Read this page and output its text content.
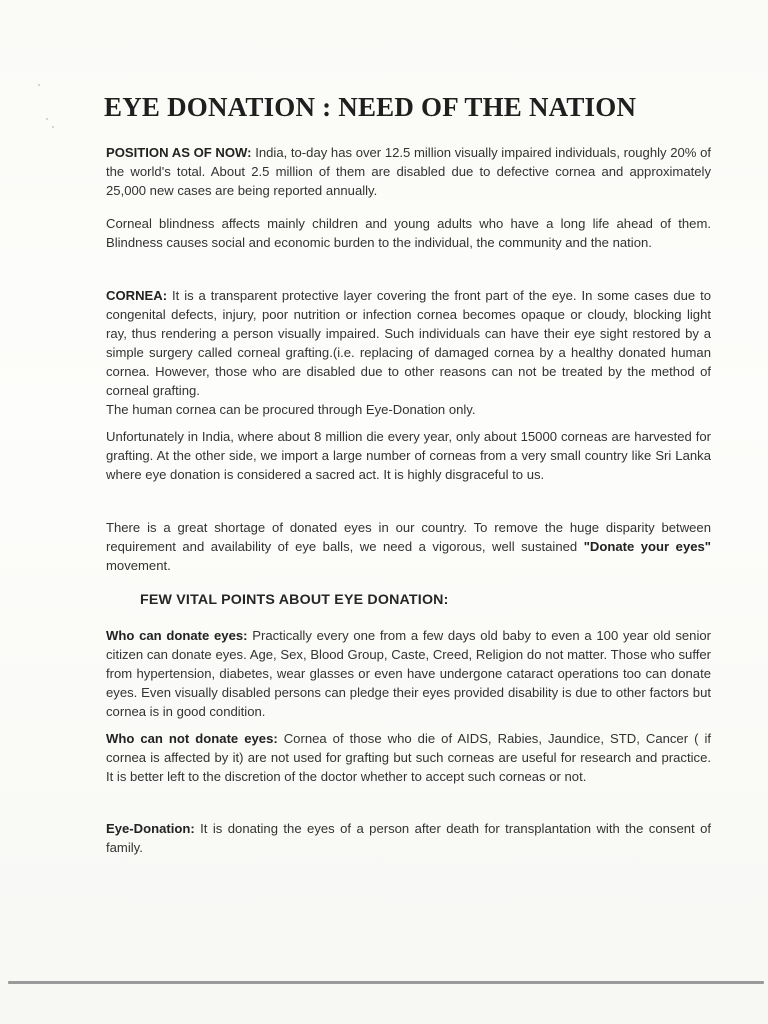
EYE DONATION : NEED OF THE NATION

POSITION AS OF NOW: India, to-day has over 12.5 million visually impaired individuals, roughly 20% of the world's total. About 2.5 million of them are disabled due to defective cornea and approximately 25,000 new cases are being reported annually.

Corneal blindness affects mainly children and young adults who have a long life ahead of them. Blindness causes social and economic burden to the individual, the community and the nation.

CORNEA: It is a transparent protective layer covering the front part of the eye. In some cases due to congenital defects, injury, poor nutrition or infection cornea becomes opaque or cloudy, blocking light ray, thus rendering a person visually impaired. Such individuals can have their eye sight restored by a simple surgery called corneal grafting.(i.e. replacing of damaged cornea by a healthy donated human cornea. However, those who are disabled due to other reasons can not be treated by the method of corneal grafting.
The human cornea can be procured through Eye-Donation only.

Unfortunately in India, where about 8 million die every year, only about 15000 corneas are harvested for grafting. At the other side, we import a large number of corneas from a very small country like Sri Lanka where eye donation is considered a sacred act. It is highly disgraceful to us.

There is a great shortage of donated eyes in our country. To remove the huge disparity between requirement and availability of eye balls, we need a vigorous, well sustained "Donate your eyes" movement.

FEW VITAL POINTS ABOUT EYE DONATION:

Who can donate eyes: Practically every one from a few days old baby to even a 100 year old senior citizen can donate eyes. Age, Sex, Blood Group, Caste, Creed, Religion do not matter. Those who suffer from hypertension, diabetes, wear glasses or even have undergone cataract operations too can donate eyes. Even visually disabled persons can pledge their eyes provided disability is due to other factors but cornea is in good condition.

Who can not donate eyes: Cornea of those who die of AIDS, Rabies, Jaundice, STD, Cancer ( if cornea is affected by it) are not used for grafting but such corneas are useful for research and practice. It is better left to the discretion of the doctor whether to accept such corneas or not.

Eye-Donation: It is donating the eyes of a person after death for transplantation with the consent of family.
